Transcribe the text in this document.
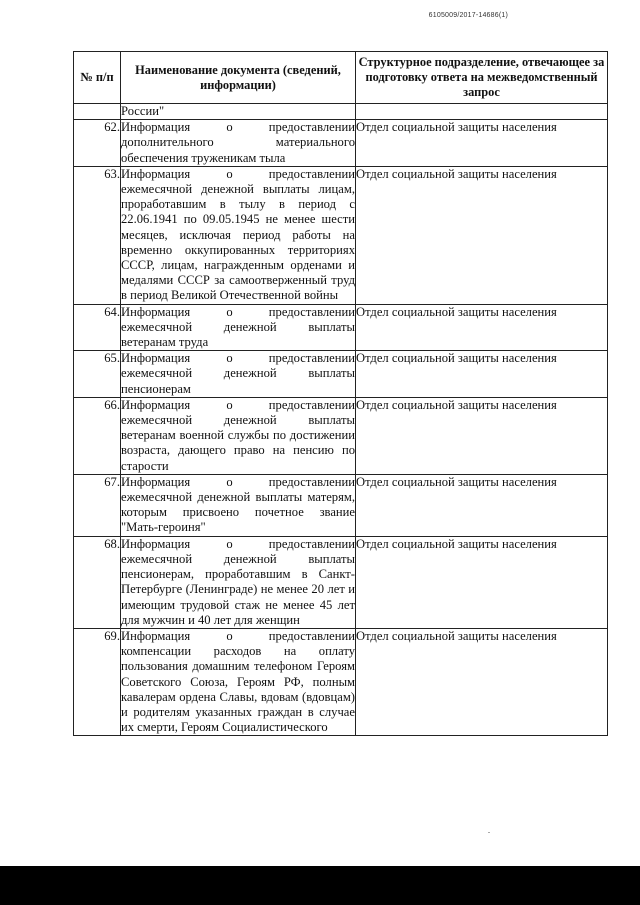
6105009/2017-14686(1)
№ п/п	Наименование документа (сведений, информации)	Структурное подразделение, отвечающее за подготовку ответа на межведомственный запрос
	России"	
62.	Информация о предоставлении дополнительного материального обеспечения труженикам тыла	Отдел социальной защиты населения
63.	Информация о предоставлении ежемесячной денежной выплаты лицам, проработавшим в тылу в период с 22.06.1941 по 09.05.1945 не менее шести месяцев, исключая период работы на временно оккупированных территориях СССР, лицам, награжденным орденами и медалями СССР за самоотверженный труд в период Великой Отечественной войны	Отдел социальной защиты населения
64.	Информация о предоставлении ежемесячной денежной выплаты ветеранам труда	Отдел социальной защиты населения
65.	Информация о предоставлении ежемесячной денежной выплаты пенсионерам	Отдел социальной защиты населения
66.	Информация о предоставлении ежемесячной денежной выплаты ветеранам военной службы по достижении возраста, дающего право на пенсию по старости	Отдел социальной защиты населения
67.	Информация о предоставлении ежемесячной денежной выплаты матерям, которым присвоено почетное звание "Мать-героиня"	Отдел социальной защиты населения
68.	Информация о предоставлении ежемесячной денежной выплаты пенсионерам, проработавшим в Санкт-Петербурге (Ленинграде) не менее 20 лет и имеющим трудовой стаж не менее 45 лет для мужчин и 40 лет для женщин	Отдел социальной защиты населения
69.	Информация о предоставлении компенсации расходов на оплату пользования домашним телефоном Героям Советского Союза, Героям РФ, полным кавалерам ордена Славы, вдовам (вдовцам) и родителям указанных граждан в случае их смерти, Героям Социалистического	Отдел социальной защиты населения
